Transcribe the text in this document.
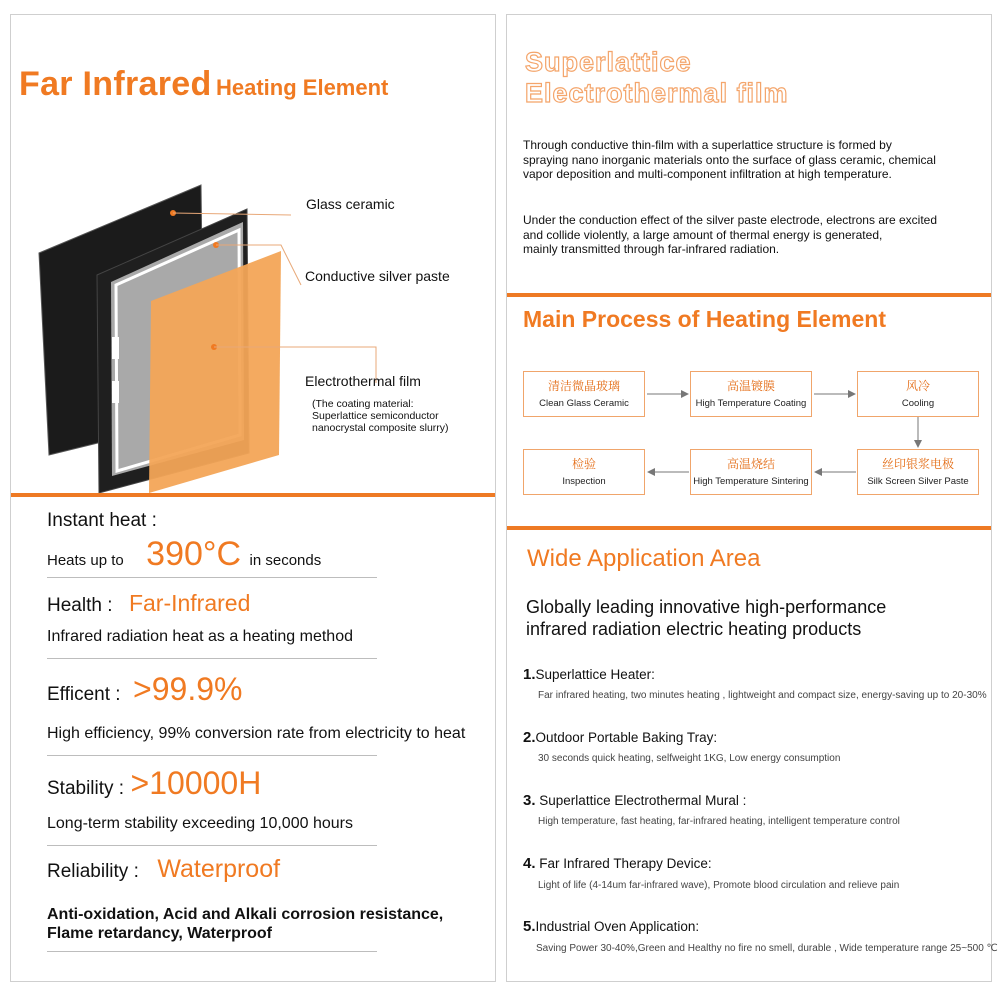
Far Infrared Heating Element
Glass ceramic
Conductive silver paste
Electrothermal film
(The coating material:
Superlattice semiconductor
nanocrystal composite slurry)
Instant heat :
Heats up to 390°C in seconds
Health : Far-Infrared
Infrared radiation heat as a heating method
Efficent : >99.9%
High efficiency, 99% conversion rate from electricity to heat
Stability : >10000H
Long-term stability exceeding 10,000 hours
Reliability : Waterproof
Anti-oxidation, Acid and Alkali corrosion resistance,
Flame retardancy, Waterproof
Superlattice
Electrothermal film
Through conductive thin-film with a superlattice structure is formed by
spraying nano inorganic materials onto the surface of glass ceramic, chemical
vapor deposition and multi-component infiltration at high temperature.
Under the conduction effect of the silver paste electrode, electrons are excited
and collide violently, a large amount of thermal energy is generated,
mainly transmitted through far-infrared radiation.
Main Process of Heating Element
清洁微晶玻璃
Clean Glass Ceramic
高温镀膜
High Temperature Coating
风冷
Cooling
丝印银浆电极
Silk Screen Silver Paste
高温烧结
High Temperature Sintering
检验
Inspection
Wide Application Area
Globally leading innovative high-performance
infrared radiation electric heating products
1.Superlattice Heater:
Far infrared heating, two minutes heating , lightweight and compact size, energy-saving up to 20-30%
2.Outdoor Portable Baking Tray:
30 seconds quick heating, selfweight 1KG, Low energy consumption
3. Superlattice Electrothermal Mural :
High temperature, fast heating, far-infrared heating, intelligent temperature control
4. Far Infrared Therapy Device:
Light of life (4-14um far-infrared wave), Promote blood circulation and relieve pain
5.Industrial Oven Application:
Saving Power 30-40%,Green and Healthy no fire no smell, durable , Wide temperature range 25~500 ℃
